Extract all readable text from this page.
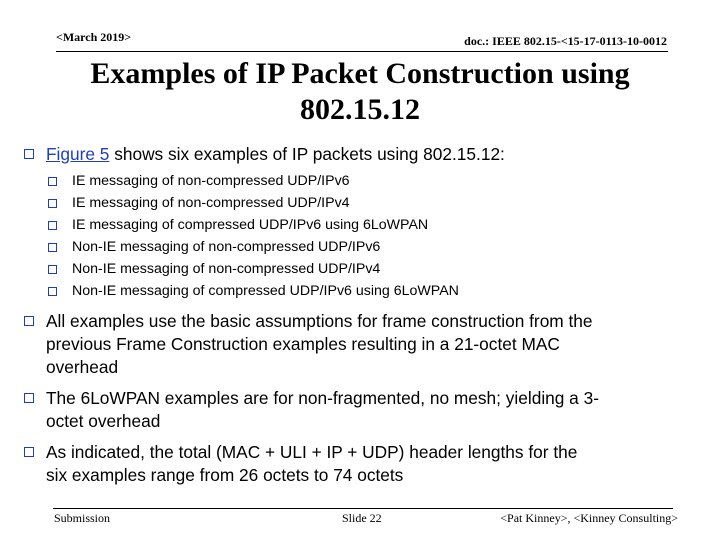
<March 2019>	doc.: IEEE 802.15-<15-17-0113-10-0012
Examples of IP Packet Construction using
802.15.12
Figure 5 shows six examples of IP packets using 802.15.12:
IE messaging of non-compressed UDP/IPv6
IE messaging of non-compressed UDP/IPv4
IE messaging of compressed UDP/IPv6 using 6LoWPAN
Non-IE messaging of non-compressed UDP/IPv6
Non-IE messaging of non-compressed UDP/IPv4
Non-IE messaging of compressed UDP/IPv6 using 6LoWPAN
All examples use the basic assumptions for frame construction from the
previous Frame Construction examples resulting in a 21-octet MAC
overhead
The 6LoWPAN examples are for non-fragmented, no mesh; yielding a 3-
octet overhead
As indicated, the total (MAC + ULI + IP + UDP) header lengths for the
six examples range from 26 octets to 74 octets
Submission	Slide 22	<Pat Kinney>, <Kinney Consulting>
